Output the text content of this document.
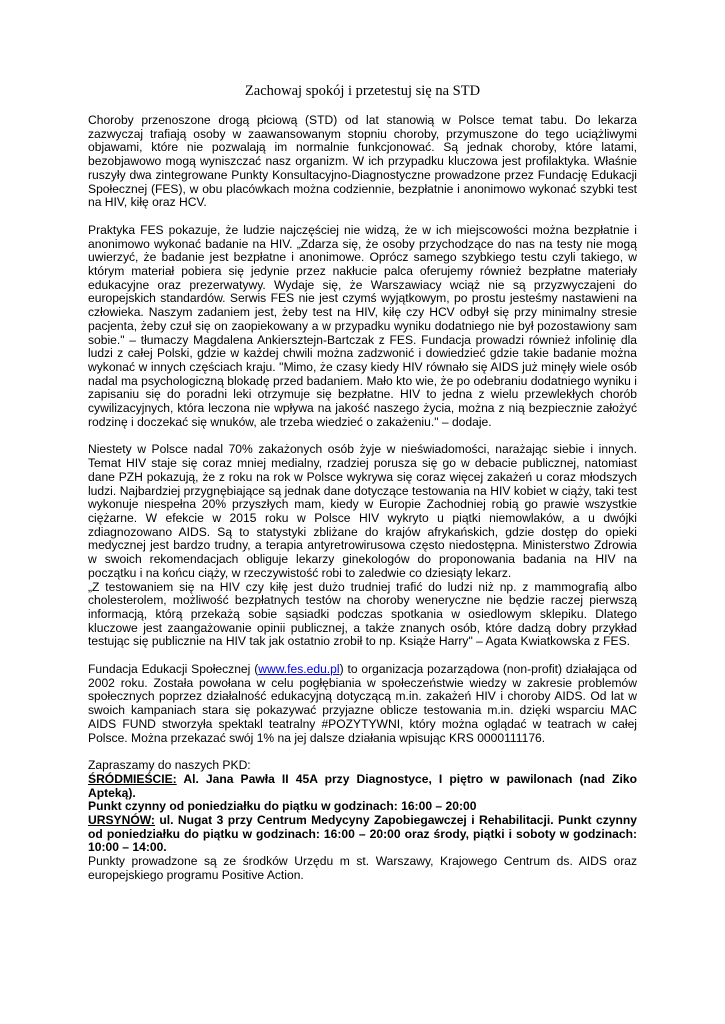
Zachowaj spokój i przetestuj się na STD

Choroby przenoszone drogą płciową (STD) od lat stanowią w Polsce temat tabu. Do lekarza zazwyczaj trafiają osoby w zaawansowanym stopniu choroby, przymuszone do tego uciążliwymi objawami, które nie pozwalają im normalnie funkcjonować. Są jednak choroby, które latami, bezobjawowo mogą wyniszczać nasz organizm. W ich przypadku kluczowa jest profilaktyka. Właśnie ruszyły dwa zintegrowane Punkty Konsultacyjno-Diagnostyczne prowadzone przez Fundację Edukacji Społecznej (FES), w obu placówkach można codziennie, bezpłatnie i anonimowo wykonać szybki test na HIV, kiłę oraz HCV.

Praktyka FES pokazuje, że ludzie najczęściej nie widzą, że w ich miejscowości można bezpłatnie i anonimowo wykonać badanie na HIV. „Zdarza się, że osoby przychodzące do nas na testy nie mogą uwierzyć, że badanie jest bezpłatne i anonimowe. Oprócz samego szybkiego testu czyli takiego, w którym materiał pobiera się jedynie przez nakłucie palca oferujemy również bezpłatne materiały edukacyjne oraz prezerwatywy. Wydaje się, że Warszawiacy wciąż nie są przyzwyczajeni do europejskich standardów. Serwis FES nie jest czymś wyjątkowym, po prostu jesteśmy nastawieni na człowieka. Naszym zadaniem jest, żeby test na HIV, kiłę czy HCV odbył się przy minimalny stresie pacjenta, żeby czuł się on zaopiekowany a w przypadku wyniku dodatniego nie był pozostawiony sam sobie." – tłumaczy Magdalena Ankiersztejn-Bartczak z FES. Fundacja prowadzi również infolinię dla ludzi z całej Polski, gdzie w każdej chwili można zadzwonić i dowiedzieć gdzie takie badanie można wykonać w innych częściach kraju. "Mimo, że czasy kiedy HIV równało się AIDS już minęły wiele osób nadal ma psychologiczną blokadę przed badaniem. Mało kto wie, że po odebraniu dodatniego wyniku i zapisaniu się do poradni leki otrzymuje się bezpłatne. HIV to jedna z wielu przewlekłych chorób cywilizacyjnych, która leczona nie wpływa na jakość naszego życia, można z nią bezpiecznie założyć rodzinę i doczekać się wnuków, ale trzeba wiedzieć o zakażeniu." – dodaje.

Niestety w Polsce nadal 70% zakażonych osób żyje w nieświadomości, narażając siebie i innych. Temat HIV staje się coraz mniej medialny, rzadziej porusza się go w debacie publicznej, natomiast dane PZH pokazują, że z roku na rok w Polsce wykrywa się coraz więcej zakażeń u coraz młodszych ludzi. Najbardziej przygnębiające są jednak dane dotyczące testowania na HIV kobiet w ciąży, taki test wykonuje niespełna 20% przyszłych mam, kiedy w Europie Zachodniej robią go prawie wszystkie ciężarne. W efekcie w 2015 roku w Polsce HIV wykryto u piątki niemowlaków, a u dwójki zdiagnozowano AIDS. Są to statystyki zbliżane do krajów afrykańskich, gdzie dostęp do opieki medycznej jest bardzo trudny, a terapia antyretrowirusowa często niedostępna. Ministerstwo Zdrowia w swoich rekomendacjach obliguje lekarzy ginekologów do proponowania badania na HIV na początku i na końcu ciąży, w rzeczywistość robi to zaledwie co dziesiąty lekarz.

„Z testowaniem się na HIV czy kiłę jest dużo trudniej trafić do ludzi niż np. z mammografią albo cholesterolem, możliwość bezpłatnych testów na choroby weneryczne nie będzie raczej pierwszą informacją, którą przekażą sobie sąsiadki podczas spotkania w osiedlowym sklepiku. Dlatego kluczowe jest zaangażowanie opinii publicznej, a także znanych osób, które dadzą dobry przykład testując się publicznie na HIV tak jak ostatnio zrobił to np. Książe Harry" – Agata Kwiatkowska z FES.

Fundacja Edukacji Społecznej (www.fes.edu.pl) to organizacja pozarządowa (non-profit) działająca od 2002 roku. Została powołana w celu pogłębiania w społeczeństwie wiedzy w zakresie problemów społecznych poprzez działalność edukacyjną dotyczącą m.in. zakażeń HIV i choroby AIDS. Od lat w swoich kampaniach stara się pokazywać przyjazne oblicze testowania m.in. dzięki wsparciu MAC AIDS FUND stworzyła spektakl teatralny #POZYTYWNI, który można oglądać w teatrach w całej Polsce. Można przekazać swój 1% na jej dalsze działania wpisując KRS 0000111176.

Zapraszamy do naszych PKD:

ŚRÓDMIEŚCIE: Al. Jana Pawła II 45A przy Diagnostyce, I piętro w pawilonach (nad Ziko Apteką).

Punkt czynny od poniedziałku do piątku w godzinach: 16:00 – 20:00

URSYNÓW: ul. Nugat 3 przy Centrum Medycyny Zapobiegawczej i Rehabilitacji. Punkt czynny od poniedziałku do piątku w godzinach: 16:00 – 20:00 oraz środy, piątki i soboty w godzinach: 10:00 – 14:00.

Punkty prowadzone są ze środków Urzędu m st. Warszawy, Krajowego Centrum ds. AIDS oraz europejskiego programu Positive Action.
